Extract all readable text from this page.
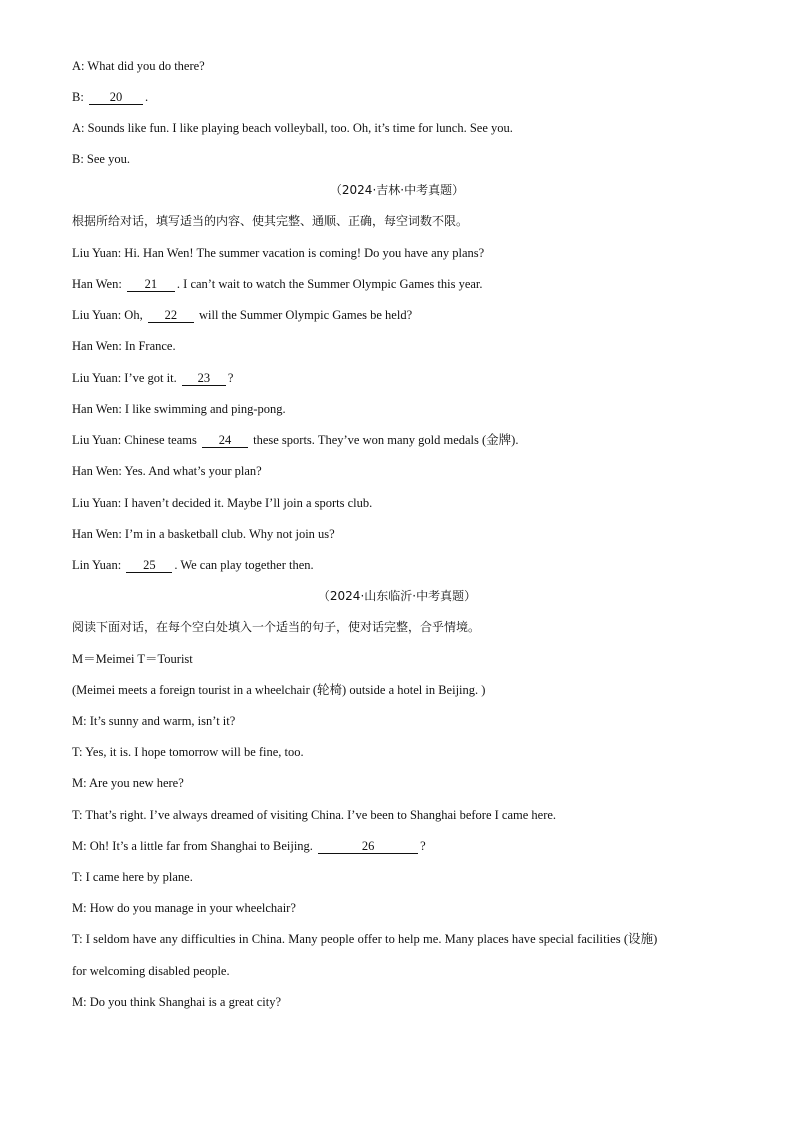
A: What did you do there?
B: 20 .
A: Sounds like fun. I like playing beach volleyball, too. Oh, it’s time for lunch. See you.
B: See you.
（2024·吉林·中考真题）
根据所给对话，填写适当的内容、使其完整、通顺、正确，每空词数不限。
Liu Yuan: Hi. Han Wen! The summer vacation is coming! Do you have any plans?
Han Wen: 21 . I can’t wait to watch the Summer Olympic Games this year.
Liu Yuan: Oh, 22 will the Summer Olympic Games be held?
Han Wen: In France.
Liu Yuan: I’ve got it. 23 ?
Han Wen: I like swimming and ping-pong.
Liu Yuan: Chinese teams 24 these sports. They’ve won many gold medals (金牌).
Han Wen: Yes. And what’s your plan?
Liu Yuan: I haven’t decided it. Maybe I’ll join a sports club.
Han Wen: I’m in a basketball club. Why not join us?
Lin Yuan: 25 . We can play together then.
（2024·山东临沂·中考真题）
阅读下面对话，在每个空白处填入一个适当的句子，使对话完整，合乎情境。
M＝Meimei T＝Tourist
(Meimei meets a foreign tourist in a wheelchair (轮椅) outside a hotel in Beijing. )
M: It’s sunny and warm, isn’t it?
T: Yes, it is. I hope tomorrow will be fine, too.
M: Are you new here?
T: That’s right. I’ve always dreamed of visiting China. I’ve been to Shanghai before I came here.
M: Oh! It’s a little far from Shanghai to Beijing.	26	?
T: I came here by plane.
M: How do you manage in your wheelchair?
T: I seldom have any difficulties in China. Many people offer to help me. Many places have special facilities (设施)
for welcoming disabled people.
M: Do you think Shanghai is a great city?
